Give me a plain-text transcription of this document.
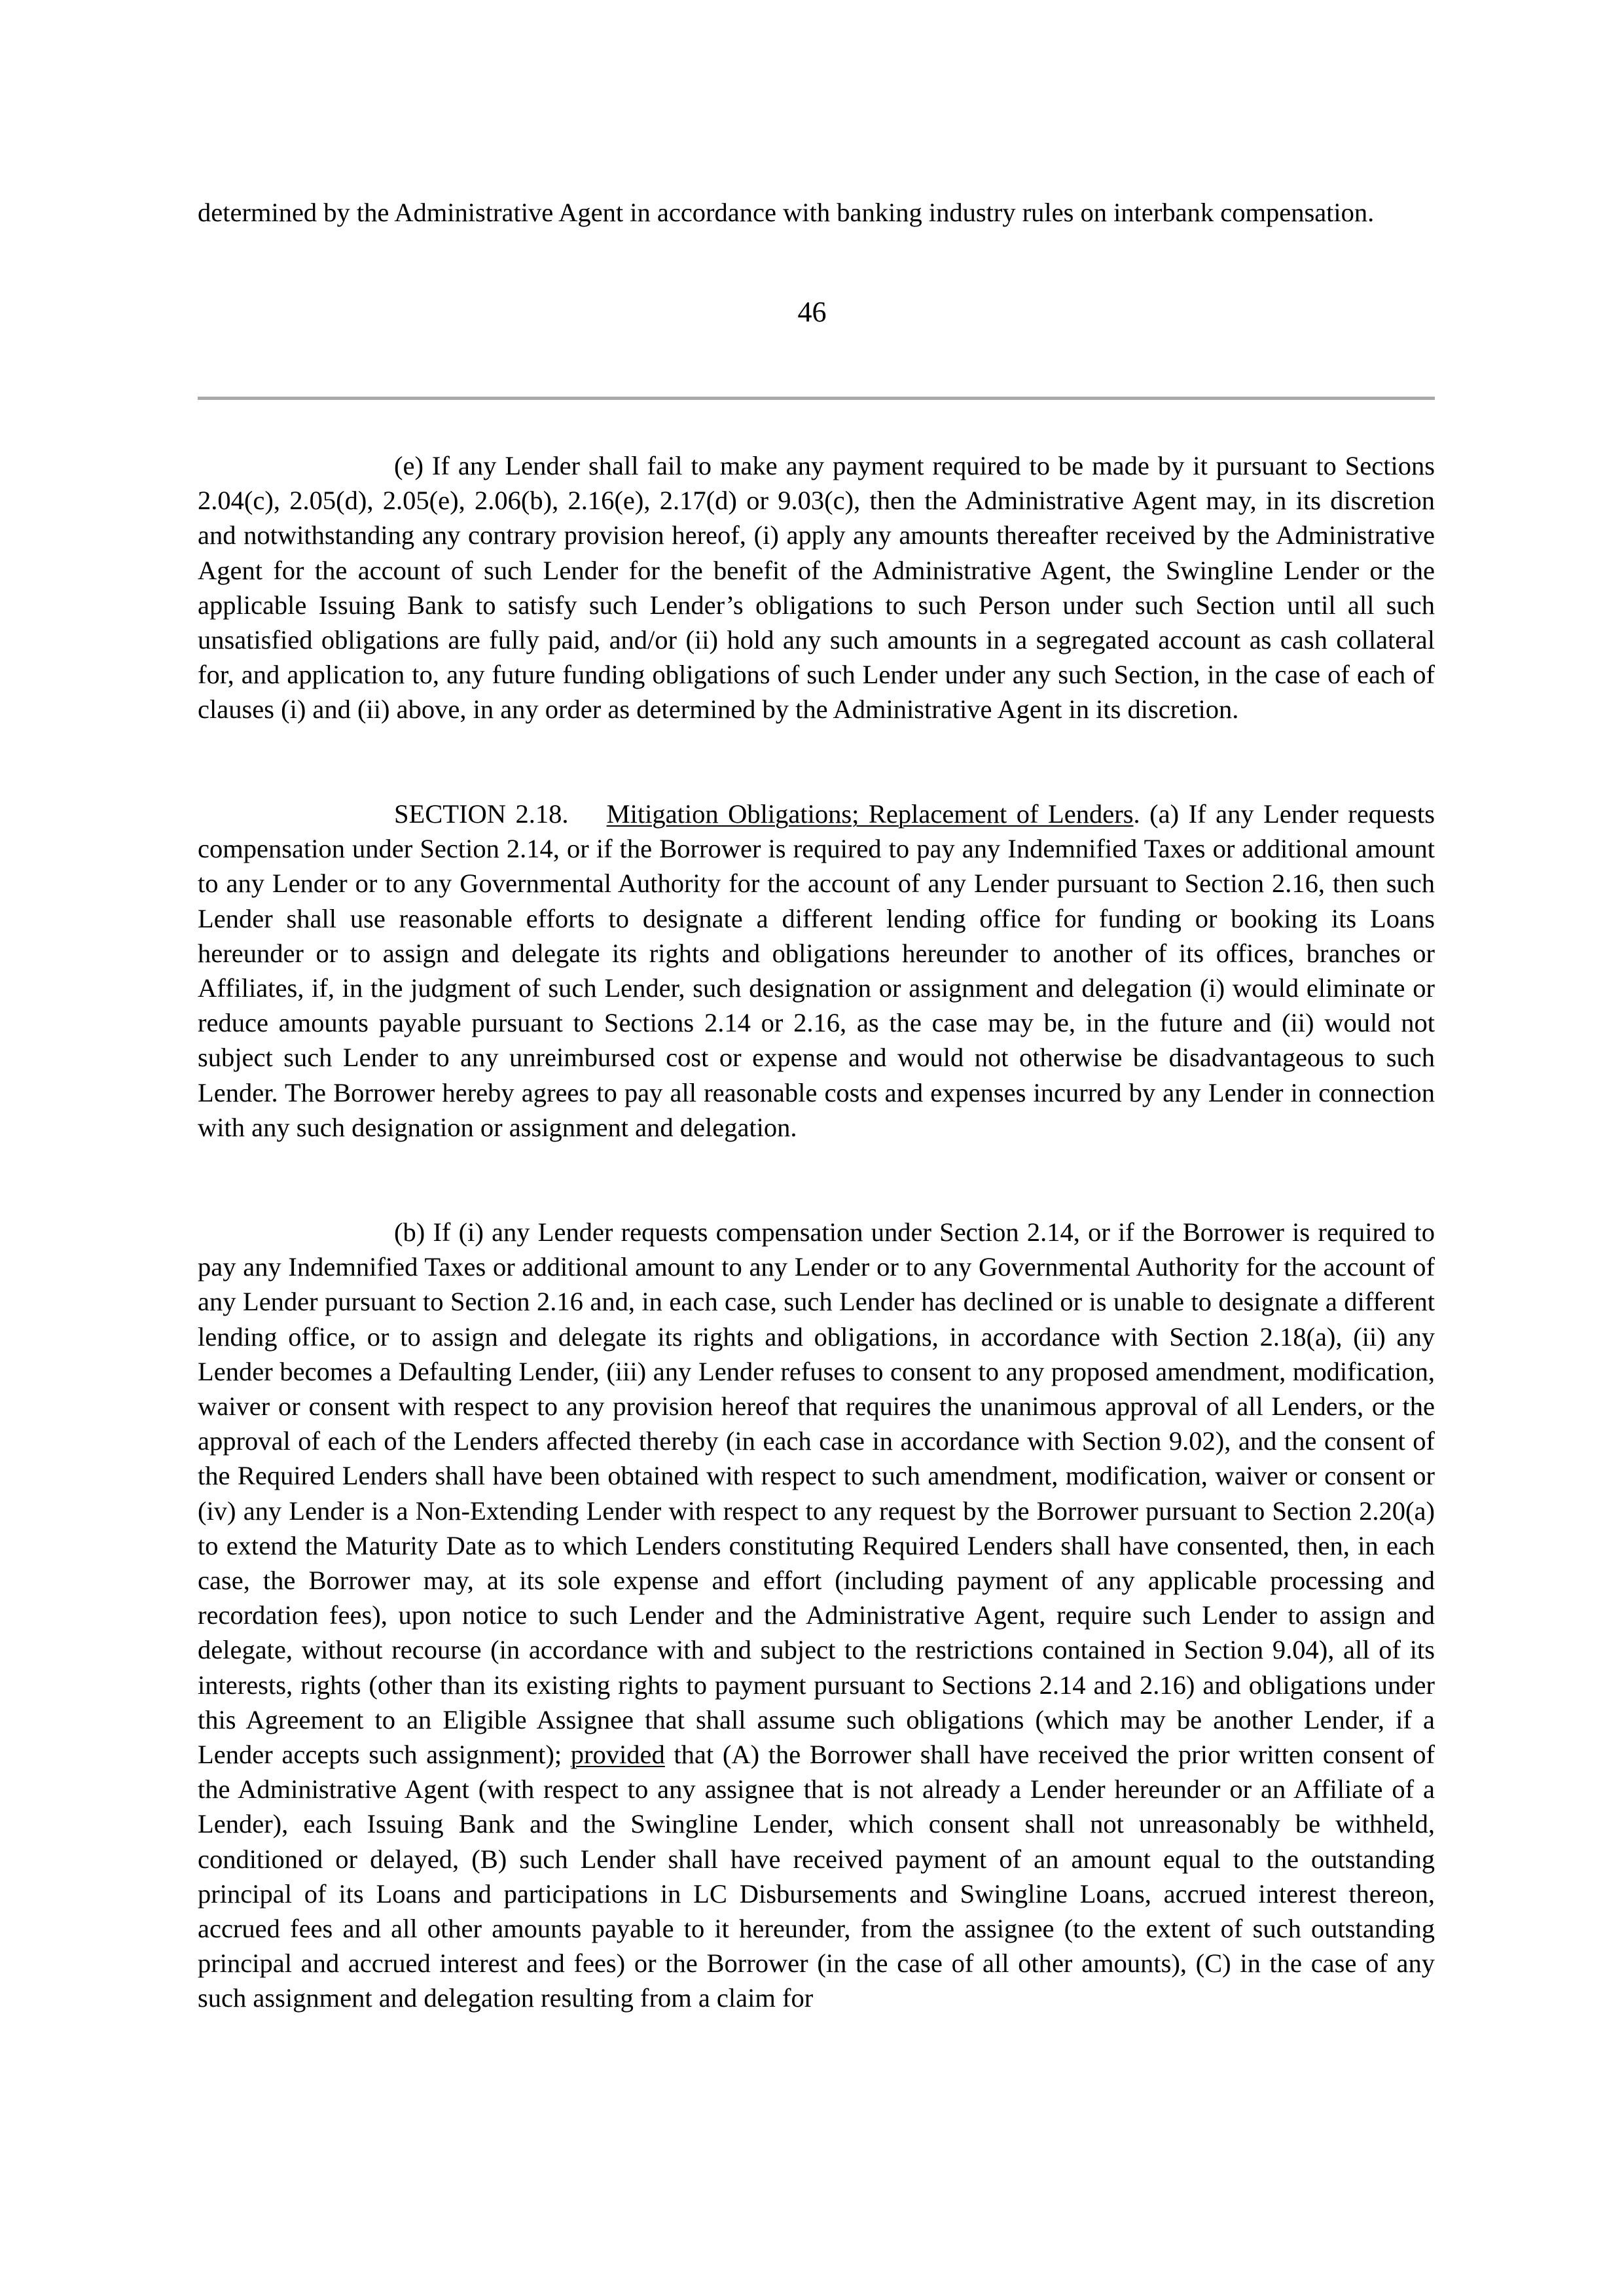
determined by the Administrative Agent in accordance with banking industry rules on interbank compensation.

46

(e) If any Lender shall fail to make any payment required to be made by it pursuant to Sections 2.04(c), 2.05(d), 2.05(e), 2.06(b), 2.16(e), 2.17(d) or 9.03(c), then the Administrative Agent may, in its discretion and notwithstanding any contrary provision hereof, (i) apply any amounts thereafter received by the Administrative Agent for the account of such Lender for the benefit of the Administrative Agent, the Swingline Lender or the applicable Issuing Bank to satisfy such Lender’s obligations to such Person under such Section until all such unsatisfied obligations are fully paid, and/or (ii) hold any such amounts in a segregated account as cash collateral for, and application to, any future funding obligations of such Lender under any such Section, in the case of each of clauses (i) and (ii) above, in any order as determined by the Administrative Agent in its discretion.

SECTION 2.18. Mitigation Obligations; Replacement of Lenders. (a) If any Lender requests compensation under Section 2.14, or if the Borrower is required to pay any Indemnified Taxes or additional amount to any Lender or to any Governmental Authority for the account of any Lender pursuant to Section 2.16, then such Lender shall use reasonable efforts to designate a different lending office for funding or booking its Loans hereunder or to assign and delegate its rights and obligations hereunder to another of its offices, branches or Affiliates, if, in the judgment of such Lender, such designation or assignment and delegation (i) would eliminate or reduce amounts payable pursuant to Sections 2.14 or 2.16, as the case may be, in the future and (ii) would not subject such Lender to any unreimbursed cost or expense and would not otherwise be disadvantageous to such Lender. The Borrower hereby agrees to pay all reasonable costs and expenses incurred by any Lender in connection with any such designation or assignment and delegation.

(b) If (i) any Lender requests compensation under Section 2.14, or if the Borrower is required to pay any Indemnified Taxes or additional amount to any Lender or to any Governmental Authority for the account of any Lender pursuant to Section 2.16 and, in each case, such Lender has declined or is unable to designate a different lending office, or to assign and delegate its rights and obligations, in accordance with Section 2.18(a), (ii) any Lender becomes a Defaulting Lender, (iii) any Lender refuses to consent to any proposed amendment, modification, waiver or consent with respect to any provision hereof that requires the unanimous approval of all Lenders, or the approval of each of the Lenders affected thereby (in each case in accordance with Section 9.02), and the consent of the Required Lenders shall have been obtained with respect to such amendment, modification, waiver or consent or (iv) any Lender is a Non-Extending Lender with respect to any request by the Borrower pursuant to Section 2.20(a) to extend the Maturity Date as to which Lenders constituting Required Lenders shall have consented, then, in each case, the Borrower may, at its sole expense and effort (including payment of any applicable processing and recordation fees), upon notice to such Lender and the Administrative Agent, require such Lender to assign and delegate, without recourse (in accordance with and subject to the restrictions contained in Section 9.04), all of its interests, rights (other than its existing rights to payment pursuant to Sections 2.14 and 2.16) and obligations under this Agreement to an Eligible Assignee that shall assume such obligations (which may be another Lender, if a Lender accepts such assignment); provided that (A) the Borrower shall have received the prior written consent of the Administrative Agent (with respect to any assignee that is not already a Lender hereunder or an Affiliate of a Lender), each Issuing Bank and the Swingline Lender, which consent shall not unreasonably be withheld, conditioned or delayed, (B) such Lender shall have received payment of an amount equal to the outstanding principal of its Loans and participations in LC Disbursements and Swingline Loans, accrued interest thereon, accrued fees and all other amounts payable to it hereunder, from the assignee (to the extent of such outstanding principal and accrued interest and fees) or the Borrower (in the case of all other amounts), (C) in the case of any such assignment and delegation resulting from a claim for
